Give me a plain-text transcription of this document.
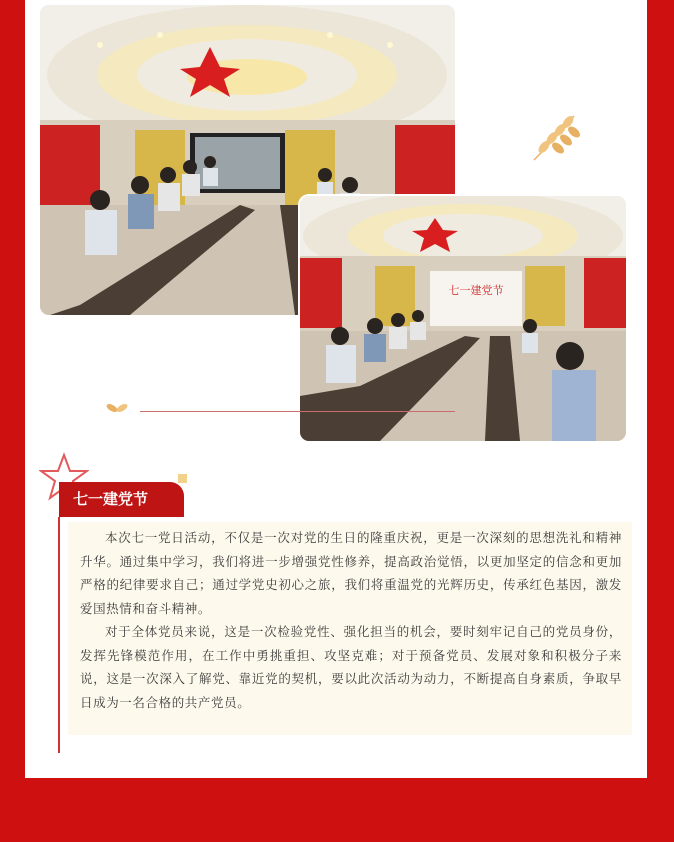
七一建党节
七一建党节

本次七一党日活动，不仅是一次对党的生日的隆重庆祝，更是一次深刻的思想洗礼和精神升华。通过集中学习，我们将进一步增强党性修养，提高政治觉悟，以更加坚定的信念和更加严格的纪律要求自己；通过学党史初心之旅，我们将重温党的光辉历史，传承红色基因，激发爱国热情和奋斗精神。

对于全体党员来说，这是一次检验党性、强化担当的机会，要时刻牢记自己的党员身份，发挥先锋模范作用，在工作中勇挑重担、攻坚克难；对于预备党员、发展对象和积极分子来说，这是一次深入了解党、靠近党的契机，要以此次活动为动力，不断提高自身素质，争取早日成为一名合格的共产党员。
